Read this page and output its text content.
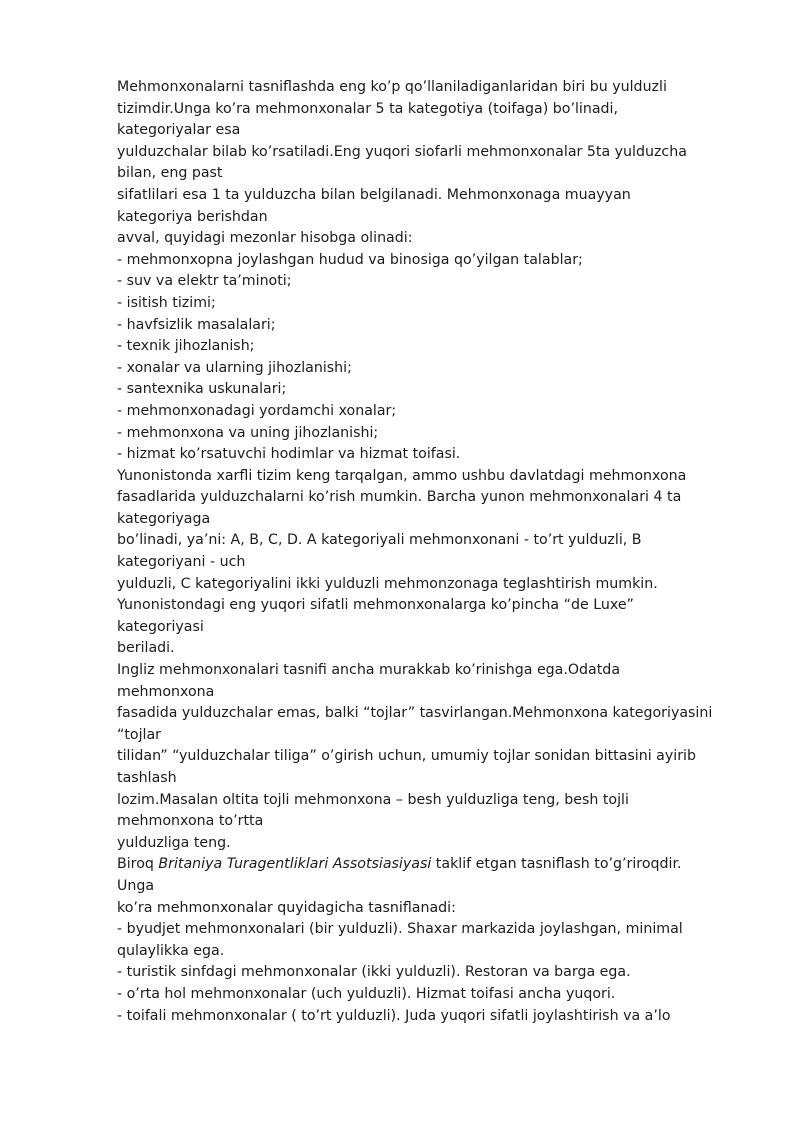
Mehmonxonalarni tasniflashda eng ko’p qo’llaniladiganlaridan biri bu yulduzli
tizimdir.Unga ko’ra mehmonxonalar 5 ta kategotiya (toifaga) bo’linadi,
kategoriyalar esa
yulduzchalar bilab ko’rsatiladi.Eng yuqori siofarli mehmonxonalar 5ta yulduzcha
bilan, eng past
sifatlilari esa 1 ta yulduzcha bilan belgilanadi. Mehmonxonaga muayyan
kategoriya berishdan
avval, quyidagi mezonlar hisobga olinadi:
- mehmonxopna joylashgan hudud va binosiga qo’yilgan talablar;
- suv va elektr ta’minoti;
- isitish tizimi;
- havfsizlik masalalari;
- texnik jihozlanish;
- xonalar va ularning jihozlanishi;
- santexnika uskunalari;
- mehmonxonadagi yordamchi xonalar;
- mehmonxona va uning jihozlanishi;
- hizmat ko’rsatuvchi hodimlar va hizmat toifasi.
Yunonistonda xarfli tizim keng tarqalgan, ammo ushbu davlatdagi mehmonxona
fasadlarida yulduzchalarni ko’rish mumkin. Barcha yunon mehmonxonalari 4 ta
kategoriyaga
bo’linadi, ya’ni: A, B, C, D. A kategoriyali mehmonxonani - to’rt yulduzli, B
kategoriyani - uch
yulduzli, C kategoriyalini ikki yulduzli mehmonzonaga teglashtirish mumkin.
Yunonistondagi eng yuqori sifatli mehmonxonalarga ko’pincha “de Luxe”
kategoriyasi
beriladi.
Ingliz mehmonxonalari tasnifi ancha murakkab ko’rinishga ega.Odatda
mehmonxona
fasadida yulduzchalar emas, balki “tojlar” tasvirlangan.Mehmonxona kategoriyasini
“tojlar
tilidan” “yulduzchalar tiliga” o’girish uchun, umumiy tojlar sonidan bittasini ayirib
tashlash
lozim.Masalan oltita tojli mehmonxona – besh yulduzliga teng, besh tojli
mehmonxona to’rtta
yulduzliga teng.
Biroq Britaniya Turagentliklari Assotsiasiyasi taklif etgan tasniflash to’g’riroqdir.
Unga
ko’ra mehmonxonalar quyidagicha tasniflanadi:
- byudjet mehmonxonalari (bir yulduzli). Shaxar markazida joylashgan, minimal
qulaylikka ega.
- turistik sinfdagi mehmonxonalar (ikki yulduzli). Restoran va barga ega.
- o’rta hol mehmonxonalar (uch yulduzli). Hizmat toifasi ancha yuqori.
- toifali mehmonxonalar ( to’rt yulduzli). Juda yuqori sifatli joylashtirish va a’lo
